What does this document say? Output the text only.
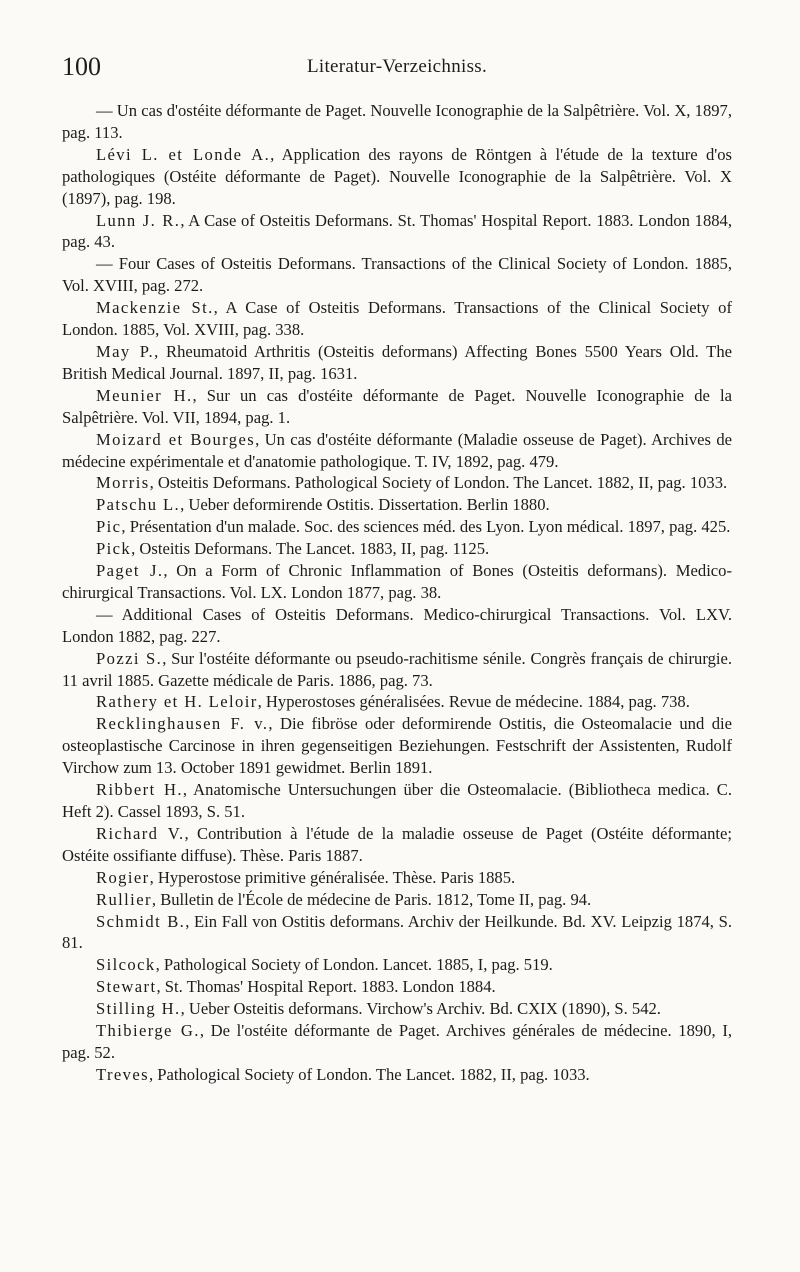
100	Literatur-Verzeichniss.

— Un cas d'ostéite déformante de Paget. Nouvelle Iconographie de la Salpêtrière. Vol. X, 1897, pag. 113.

Lévi L. et Londe A., Application des rayons de Röntgen à l'étude de la texture d'os pathologiques (Ostéite déformante de Paget). Nouvelle Iconographie de la Salpêtrière. Vol. X (1897), pag. 198.

Lunn J. R., A Case of Osteitis Deformans. St. Thomas' Hospital Report. 1883. London 1884, pag. 43.

— Four Cases of Osteitis Deformans. Transactions of the Clinical Society of London. 1885, Vol. XVIII, pag. 272.

Mackenzie St., A Case of Osteitis Deformans. Transactions of the Clinical Society of London. 1885, Vol. XVIII, pag. 338.

May P., Rheumatoid Arthritis (Osteitis deformans) Affecting Bones 5500 Years Old. The British Medical Journal. 1897, II, pag. 1631.

Meunier H., Sur un cas d'ostéite déformante de Paget. Nouvelle Iconographie de la Salpêtrière. Vol. VII, 1894, pag. 1.

Moizard et Bourges, Un cas d'ostéite déformante (Maladie osseuse de Paget). Archives de médecine expérimentale et d'anatomie pathologique. T. IV, 1892, pag. 479.

Morris, Osteitis Deformans. Pathological Society of London. The Lancet. 1882, II, pag. 1033.

Patschu L., Ueber deformirende Ostitis. Dissertation. Berlin 1880.

Pic, Présentation d'un malade. Soc. des sciences méd. des Lyon. Lyon médical. 1897, pag. 425.

Pick, Osteitis Deformans. The Lancet. 1883, II, pag. 1125.

Paget J., On a Form of Chronic Inflammation of Bones (Osteitis deformans). Medico-chirurgical Transactions. Vol. LX. London 1877, pag. 38.

— Additional Cases of Osteitis Deformans. Medico-chirurgical Transactions. Vol. LXV. London 1882, pag. 227.

Pozzi S., Sur l'ostéite déformante ou pseudo-rachitisme sénile. Congrès français de chirurgie. 11 avril 1885. Gazette médicale de Paris. 1886, pag. 73.

Rathery et H. Leloir, Hyperostoses généralisées. Revue de médecine. 1884, pag. 738.

Recklinghausen F. v., Die fibröse oder deformirende Ostitis, die Osteomalacie und die osteoplastische Carcinose in ihren gegenseitigen Beziehungen. Festschrift der Assistenten, Rudolf Virchow zum 13. October 1891 gewidmet. Berlin 1891.

Ribbert H., Anatomische Untersuchungen über die Osteomalacie. (Bibliotheca medica. C. Heft 2). Cassel 1893, S. 51.

Richard V., Contribution à l'étude de la maladie osseuse de Paget (Ostéite déformante; Ostéite ossifiante diffuse). Thèse. Paris 1887.

Rogier, Hyperostose primitive généralisée. Thèse. Paris 1885.

Rullier, Bulletin de l'École de médecine de Paris. 1812, Tome II, pag. 94.

Schmidt B., Ein Fall von Ostitis deformans. Archiv der Heilkunde. Bd. XV. Leipzig 1874, S. 81.

Silcock, Pathological Society of London. Lancet. 1885, I, pag. 519.

Stewart, St. Thomas' Hospital Report. 1883. London 1884.

Stilling H., Ueber Osteitis deformans. Virchow's Archiv. Bd. CXIX (1890), S. 542.

Thibierge G., De l'ostéite déformante de Paget. Archives générales de médecine. 1890, I, pag. 52.

Treves, Pathological Society of London. The Lancet. 1882, II, pag. 1033.
